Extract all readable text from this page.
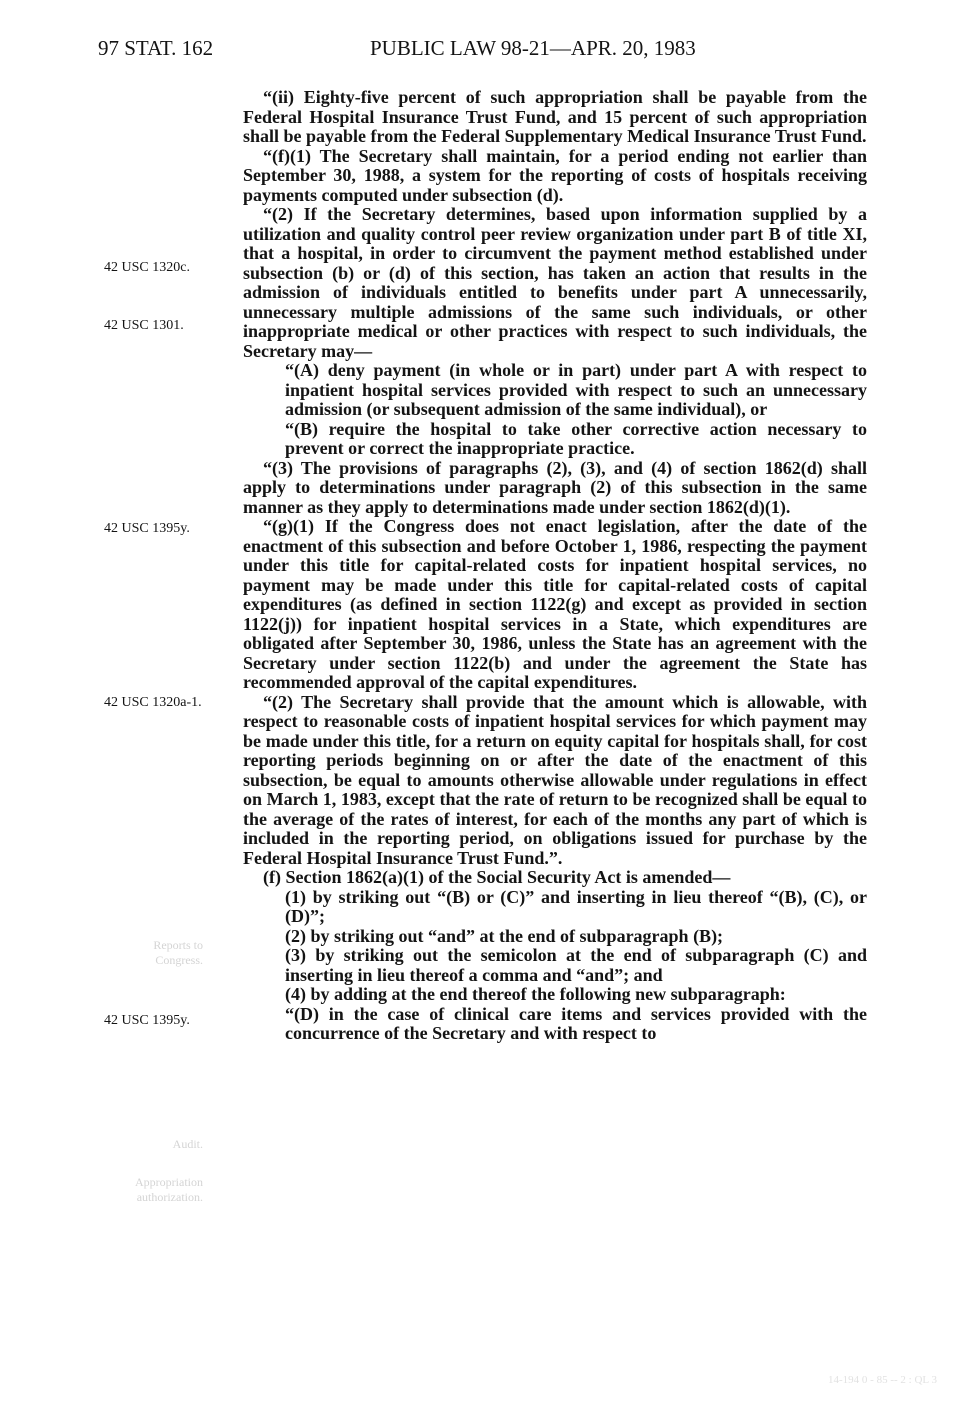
97 STAT. 162	PUBLIC LAW 98-21—APR. 20, 1983
Reports to Congress.
Audit.
Appropriation authorization.
42 USC 1320c.
42 USC 1301.
42 USC 1395y.
42 USC 1320a-1.
42 USC 1395y.

“(ii) Eighty-five percent of such appropriation shall be payable from the Federal Hospital Insurance Trust Fund, and 15 percent of such appropriation shall be payable from the Federal Supplementary Medical Insurance Trust Fund.

“(f)(1) The Secretary shall maintain, for a period ending not earlier than September 30, 1988, a system for the reporting of costs of hospitals receiving payments computed under subsection (d).

“(2) If the Secretary determines, based upon information supplied by a utilization and quality control peer review organization under part B of title XI, that a hospital, in order to circumvent the payment method established under subsection (b) or (d) of this section, has taken an action that results in the admission of individuals entitled to benefits under part A unnecessarily, unnecessary multiple admissions of the same such individuals, or other inappropriate medical or other practices with respect to such individuals, the Secretary may—

“(A) deny payment (in whole or in part) under part A with respect to inpatient hospital services provided with respect to such an unnecessary admission (or subsequent admission of the same individual), or

“(B) require the hospital to take other corrective action necessary to prevent or correct the inappropriate practice.

“(3) The provisions of paragraphs (2), (3), and (4) of section 1862(d) shall apply to determinations under paragraph (2) of this subsection in the same manner as they apply to determinations made under section 1862(d)(1).

“(g)(1) If the Congress does not enact legislation, after the date of the enactment of this subsection and before October 1, 1986, respecting the payment under this title for capital-related costs for inpatient hospital services, no payment may be made under this title for capital-related costs of capital expenditures (as defined in section 1122(g) and except as provided in section 1122(j)) for inpatient hospital services in a State, which expenditures are obligated after September 30, 1986, unless the State has an agreement with the Secretary under section 1122(b) and under the agreement the State has recommended approval of the capital expenditures.

“(2) The Secretary shall provide that the amount which is allowable, with respect to reasonable costs of inpatient hospital services for which payment may be made under this title, for a return on equity capital for hospitals shall, for cost reporting periods beginning on or after the date of the enactment of this subsection, be equal to amounts otherwise allowable under regulations in effect on March 1, 1983, except that the rate of return to be recognized shall be equal to the average of the rates of interest, for each of the months any part of which is included in the reporting period, on obligations issued for purchase by the Federal Hospital Insurance Trust Fund.”.

(f) Section 1862(a)(1) of the Social Security Act is amended—

(1) by striking out “(B) or (C)” and inserting in lieu thereof “(B), (C), or (D)”;

(2) by striking out “and” at the end of subparagraph (B);

(3) by striking out the semicolon at the end of subparagraph (C) and inserting in lieu thereof a comma and “and”; and

(4) by adding at the end thereof the following new subparagraph:

“(D) in the case of clinical care items and services provided with the concurrence of the Secretary and with respect to

14-194 0 - 85 -- 2 : QL 3
